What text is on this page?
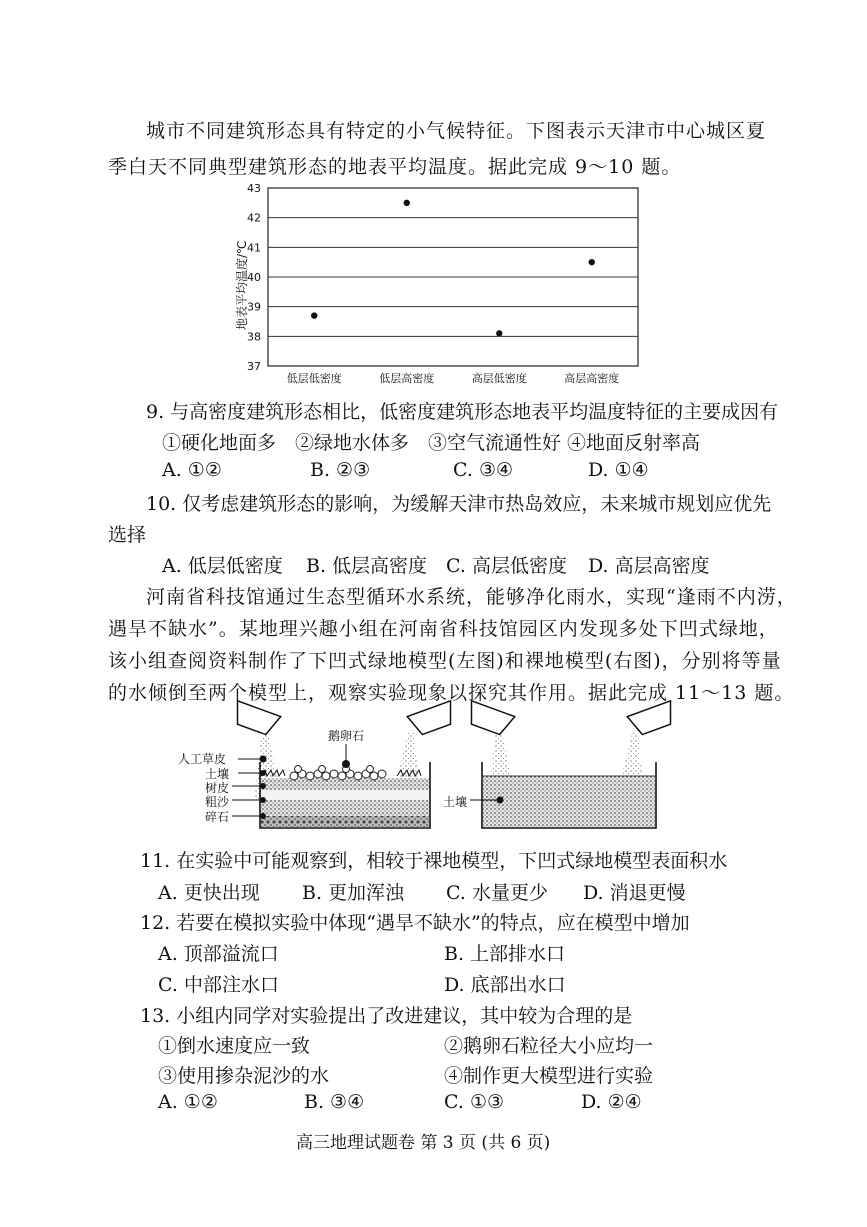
城市不同建筑形态具有特定的小气候特征。下图表示天津市中心城区夏
季白天不同典型建筑形态的地表平均温度。据此完成 9～10 题。
43
42
41
40
39
38
37
低层低密度	低层高密度	高层低密度	高层高密度
地表平均温度/℃
9. 与高密度建筑形态相比，低密度建筑形态地表平均温度特征的主要成因有
①硬化地面多　②绿地水体多　③空气流通性好 ④地面反射率高
A. ①②	B. ②③	C. ③④	D. ①④
10. 仅考虑建筑形态的影响，为缓解天津市热岛效应，未来城市规划应优先
选择
A. 低层低密度 B. 低层高密度 C. 高层低密度 D. 高层高密度
河南省科技馆通过生态型循环水系统，能够净化雨水，实现“逢雨不内涝，
遇旱不缺水”。某地理兴趣小组在河南省科技馆园区内发现多处下凹式绿地，
该小组查阅资料制作了下凹式绿地模型(左图)和裸地模型(右图)，分别将等量
的水倾倒至两个模型上，观察实验现象以探究其作用。据此完成 11～13 题。
人工草皮
土壤
树皮
粗沙
碎石
鹅卵石
土壤
11. 在实验中可能观察到，相较于裸地模型，下凹式绿地模型表面积水
A. 更快出现 B. 更加浑浊 C. 水量更少 D. 消退更慢
12. 若要在模拟实验中体现“遇旱不缺水”的特点，应在模型中增加
A. 顶部溢流口	B. 上部排水口
C. 中部注水口	D. 底部出水口
13. 小组内同学对实验提出了改进建议，其中较为合理的是
①倒水速度应一致	②鹅卵石粒径大小应均一
③使用掺杂泥沙的水	④制作更大模型进行实验
A. ①②	B. ③④	C. ①③	D. ②④
高三地理试题卷 第 3 页 (共 6 页)
